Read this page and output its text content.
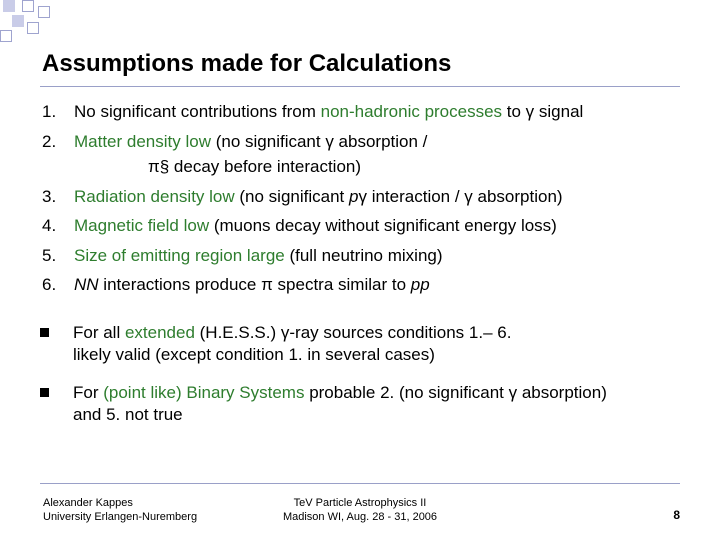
Assumptions made for Calculations
1. No significant contributions from non-hadronic processes to γ signal
2. Matter density low (no significant γ absorption /
π§ decay before interaction)
3. Radiation density low (no significant pγ interaction / γ absorption)
4. Magnetic field low (muons decay without significant energy loss)
5. Size of emitting region large (full neutrino mixing)
6. NN interactions produce π spectra similar to pp
For all extended (H.E.S.S.) γ-ray sources conditions 1.– 6.
likely valid (except condition 1. in several cases)
For (point like) Binary Systems probable 2. (no significant γ absorption)
and 5. not true
Alexander Kappes
University Erlangen-Nuremberg
TeV Particle Astrophysics II
Madison WI, Aug. 28 - 31, 2006	8
